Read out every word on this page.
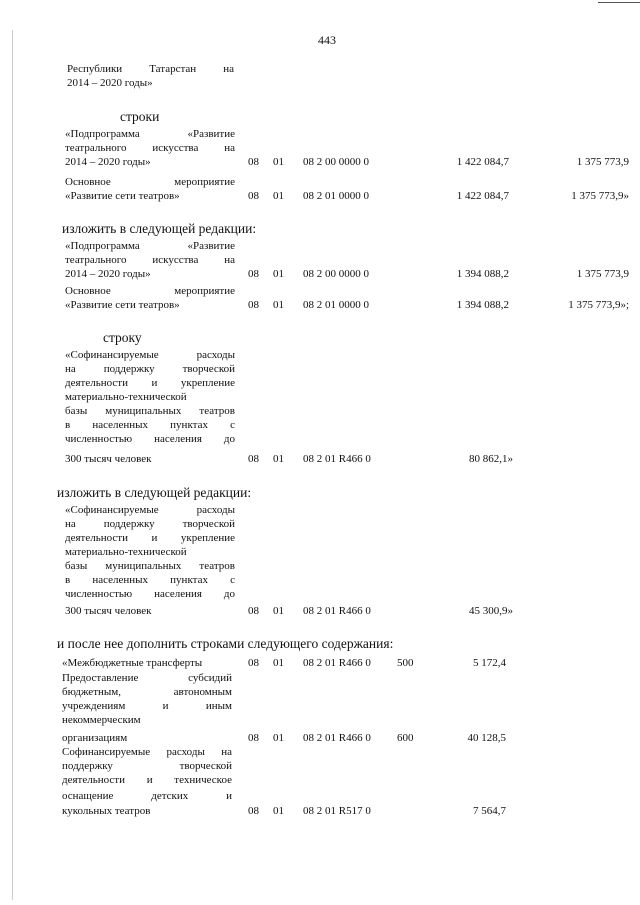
443
Республики Татарстан на
2014 – 2020 годы»
строки
«Подпрограмма	«Развитие
театрального искусства на
2014 – 2020 годы»	08 01 08 2 00 0000 0	1 422 084,7	1 375 773,9
Основное	мероприятие
«Развитие сети театров»	08 01 08 2 01 0000 0	1 422 084,7	1 375 773,9»
изложить в следующей редакции:
«Подпрограмма	«Развитие
театрального искусства на
2014 – 2020 годы»	08 01 08 2 00 0000 0	1 394 088,2	1 375 773,9
Основное	мероприятие
«Развитие сети театров»	08 01 08 2 01 0000 0	1 394 088,2	1 375 773,9»;
строку
«Софинансируемые	расходы
на	поддержку	творческой
деятельности и укрепление
материально-технической
базы муниципальных театров
в населенных пунктах с
численностью населения до
300 тысяч человек	08 01 08 2 01 R466 0	80 862,1»
изложить в следующей редакции:
«Софинансируемые	расходы
на	поддержку	творческой
деятельности и укрепление
материально-технической
базы муниципальных театров
в населенных пунктах с
численностью населения до
300 тысяч человек	08 01 08 2 01 R466 0	45 300,9»
и после нее дополнить строками следующего содержания:
«Межбюджетные трансферты	08 01 08 2 01 R466 0 500	5 172,4
Предоставление	субсидий
бюджетным,	автономным
учреждениям	и	иным
некоммерческим
организациям	08 01 08 2 01 R466 0 600	40 128,5
Софинансируемые расходы на
поддержку	творческой
деятельности и техническое
оснащение	детских	и
кукольных театров	08 01 08 2 01 R517 0	7 564,7
